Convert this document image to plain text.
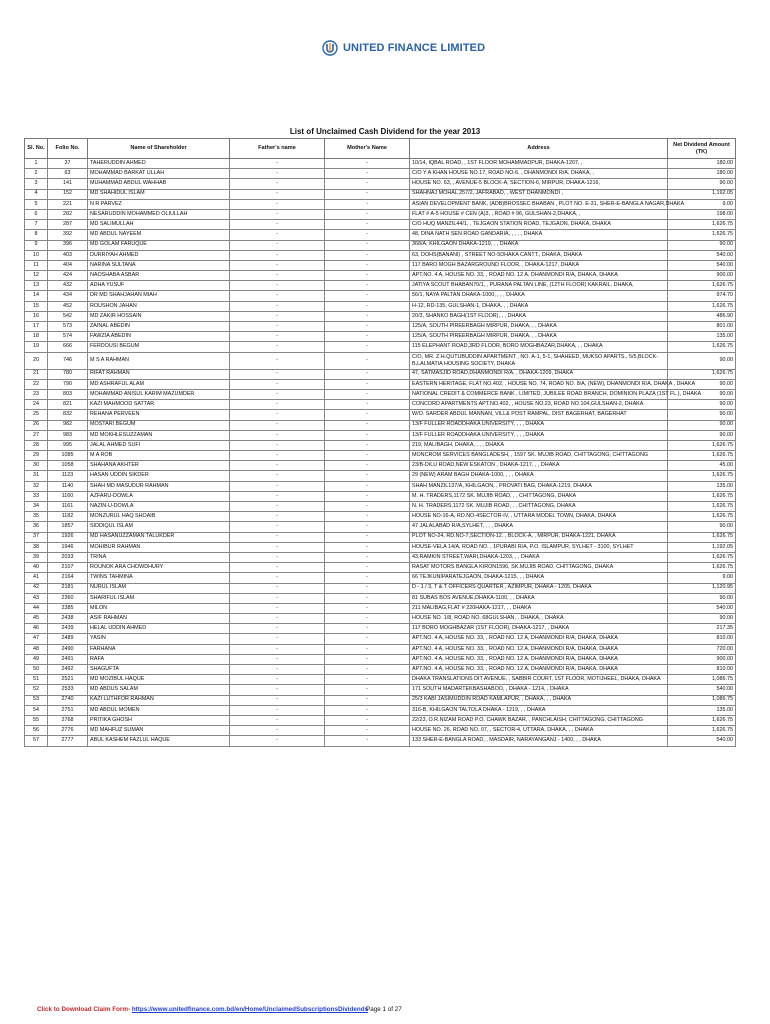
UNITED FINANCE LIMITED
List of Unclaimed Cash Dividend for the year 2013
Sl. No.	Folio No.	Name of Shareholder	Father's name	Mother's Name	Address	Net Dividend Amount (TK)
1	37	TAHERUDDIN AHMED	-	-	10/14, IQBAL ROAD, , 1ST FLOOR MOHAMMADPUR, DHAKA-1207, ,	180.00
2	63	MOHAMMAD BARKAT ULLAH	-	-	C/O Y A KHAN HOUSE NO.17, ROAD NO-6, , DHANMONDI R/A, DHAKA, ,	180.00
3	141	MUHAMMAD ABDUL WAHHAB	-	-	HOUSE NO. 63, , AVENUE-5 BLOCK-A, SECTION-6, MIRPUR, DHAKA-1216,	90.00
4	152	MD SHAHIDUL ISLAM	-	-	SHAHNAJ MOHAL 257/2, JAFRABAD, , WEST DHANMONDI ,	1,192.05
5	221	N R PARVEZ	-	-	ASIAN DEVELOPMENT BANK, (ADB)BROSSEC BHABAN , PLOT NO. E-31, SHER-E-BANGLA NAGAR,DHAKA	9.00
6	282	NESARUDDIN MOHAMMED OLIULLAH	-	-	FLAT # A-5 HOUSE # CEN (A)3, , ROAD # 96, GULSHAN-2,DHAKA, ,	198.00
7	287	MD SALIMULLAH	-	-	C/O HUQ MANZIL44/1, , TEJGAON STATION ROAD, TEJGAON, DHAKA, DHAKA	1,626.75
8	392	MD ABDUL NAYEEM	-	-	48, DINA NATH SEN ROAD GANDARIA, , , , , DHAKA	1,626.75
9	396	MD GOLAM FARUQUE	-	-	368/A, KHILGAON DHAKA-1219, , , DHAKA	90.00
10	403	DURRIYAH AHMED	-	-	63, DOHS(BANANI) , STREET NO-5DHAKA CANTT., DHAKA, DHAKA	540.00
11	404	NARINA SULTANA	-	-	117 BARO MOGH BAZARGROUND FLOOR, , DHAKA-1217, DHAKA	540.00
12	424	NAOSHABA ASBAR	-	-	APT.NO. 4 A, HOUSE NO. 33, , ROAD NO. 12 A, DHANMONDI R/A, DHAKA, DHAKA	900.00
13	432	ADHA YUSUF	-	-	JATIYA SCOUT BHABAN70/1, , PURANA PALTAN LINE, (12TH FLOOR) KAKRAIL, DHAKA,	1,626.75
14	434	DR MD SHAHJAHAN MIAH	-	-	56/1, NAYA PALTAN DHAKA-1000, , , , DHAKA	974.70
15	452	ROUSHON JAHAN	-	-	H-12, RD-135, GULSHAN-1, DHAKA, , , DHAKA	1,626.75
16	542	MD ZAKIR HOSSAIN	-	-	20/3, SHANKO BAGH(1ST FLOOR), , , DHAKA	486.90
17	573	ZAINAL ABEDIN	-	-	125/A, SOUTH PIREERBAGH MIRPUR, DHAKA, , , DHAKA	801.00
18	574	FAWZIA ABEDIN	-	-	125/A, SOUTH PIREERBAGH MIRPUR, DHAKA, , , DHAKA	135.00
19	666	FERDOUSI BEGUM	-	-	115 ELEPHANT ROAD,3RD FLOOR, BORO MOGHBAZAR,DHAKA, , , DHAKA	1,626.75
20	746	M S A RAHMAN	-	-	C/O, MR. Z.H.QUTUBUDDIN APARTMENT , NO. A-1, 5-1, SHAHEED, MUKSO APARTS., 5/5,BLOCK-B,LALMATIA HOUSING SOCIETY, DHAKA	90.00
21	780	RIFAT RAHMAN	-	-	47, SATMASJID ROAD,DHANMONDI R/A, , DHAKA-1209, DHAKA	1,626.75
22	790	MD ASHRAFUL ALAM	-	-	EASTERN HERITAGE, FLAT NO.402, , HOUSE NO. 74, ROAD NO. 8/A, (NEW), DHANMONDI R/A, DHAKA , DHAKA	90.00
23	803	MOHAMMAD ANISUL KARIM MAZUMDER	-	-	NATIONAL CREDIT & COMMERCE BANK , LIMITED, JUBILEE ROAD BRANCH, DOMINION PLAZA (1ST FL.), DHAKA	90.00
24	821	KAZI MAHMOOD SATTAR	-	-	CONCORD APARTMENTS APT.NO.402, , HOUSE NO.23, ROAD NO.104,GULSHAN-2, DHAKA	90.00
25	832	REHANA PERVEEN	-	-	W/O. SARDER ABDUL MANNAN, VILL& POST RAMPAL, DIST BAGERHAT, BAGERHAT	90.00
26	982	MOSTARI BEGUM	-	-	13/F FULLER ROADDHAKA UNIVERSITY, , , , DHAKA	90.00
27	983	MD MOKHLESUZZAMAN	-	-	13/F FULLER ROADDHAKA UNIVERSITY, , , , DHAKA	90.00
28	995	JALAL AHMED SUFI	-	-	219, MALIBAGH, DHAKA, , , , DHAKA	1,626.75
29	1085	M A ROB	-	-	MONCROM SERVICES BANGLADESH, , 1597 SK. MUJIB ROAD, CHITTAGONG, CHITTAGONG	1,626.75
30	1058	SHAHANA AKHTER	-	-	23/B-DILU ROAD,NEW ESKATON , DHAKA-1217, , , DHAKA	45.00
31	1123	HASAN UDDIN SIKDER	-	-	29 (NEW) ARAM BAGH DHAKA-1000, , , , DHAKA	1,626.75
32	1140	SHAH MD MASUDUR RAHMAN	-	-	SHAH MANZIL137/A, KHILGAON, , PROVATI BAG, DHAKA-1219, DHAKA	135.00
33	1160	AZFARU-DOWLA	-	-	M. H. TRADERS,1172 SK. MUJIB ROAD, , , CHITTAGONG, DHAKA	1,626.75
34	1161	NAZIN-U-DOWLA	-	-	N. H. TRADERS,1172 SK. MUJIB ROAD, , , CHITTAGONG, DHAKA	1,626.75
35	1182	MONZURUL HAQ SHOAIB	-	-	HOUSE NO-16-A, RD.NO-4SECTOR-IV, , UTTARA MODEL TOWN, DHAKA, DHAKA	1,626.75
36	1857	SIDDIQUL ISLAM	-	-	47 JALALABAD R/A,SYLHET, , , , DHAKA	90.00
37	1926	MD HASANUZZAMAN TALUKDER	-	-	PLOT NO-24, RD.NO-7,SECTION-12, , BLOCK-A, , MIRPUR, DHAKA-1221, DHAKA	1,626.75
38	1946	MOHIBUR RAHMAN	-	-	HOUSE-VELA 14/A, ROAD NO. , 1PURABI R/A, P.O. ISLAMPUR, SYLHET - 3100, SYLHET	1,192.05
39	2033	TRINA	-	-	43,RAMKIN STREET,WARI,DHAKA-1203, , , DHAKA	1,626.75
40	2107	ROUNOK ARA CHOWDHURY	-	-	RASAT MOTORS BANGLA KIRON1596, SK.MUJIB ROAD, CHITTAGONG, DHAKA	1,626.75
41	2164	TWINS TAHMINA	-	-	66 TEJKUNIPARATEJGAON, DHAKA-1215, , , DHAKA	9.00
42	2181	NURUL ISLAM	-	-	D - 1 / 3, T & T OFFICERS QUARTER , AZIMPUR, DHAKA - 1205, DHAKA	1,120.95
43	2360	SHARIFUL ISLAM	-	-	81 SUBAS BOS AVENUE,DHAKA-1100, , , DHAKA	90.00
44	2385	MILON	-	-	211 MALIBAG,FLAT # 220HAKA-1217, , , DHAKA	540.00
45	2438	ASIF RAHMAN	-	-	HOUSE NO. 1/8, ROAD NO. 68GULSHAN, , DHAKA, , DHAKA	90.00
46	2439	HELAL UDDIN AHMED	-	-	117 BORO MOGHBAZAR (1ST FLOOR), DHAKA-1217, , DHAKA	217.35
47	2489	YASIN	-	-	APT.NO. 4 A, HOUSE NO. 33, , ROAD NO. 12 A, DHANMONDI R/A, DHAKA, DHAKA	810.00
48	2490	FARHANA	-	-	APT.NO. 4 A, HOUSE NO. 33, , ROAD NO. 12 A, DHANMONDI R/A, DHAKA, DHAKA	720.00
49	2491	RAFA	-	-	APT.NO. 4 A, HOUSE NO. 33, , ROAD NO. 12 A, DHANMONDI R/A, DHAKA, DHAKA	900.00
50	2492	SHAGUFTA	-	-	APT.NO. 4 A, HOUSE NO. 33, , ROAD NO. 12 A, DHANMONDI R/A, DHAKA, DHAKA	810.00
51	2521	MD MOZIBUL HAQUE	-	-	DHAKA TRANSLATIONS DIT AVENUE, , SABBIR COURT, 1ST FLOOR, MOTIJHEEL, DHAKA, DHAKA	1,086.75
52	2533	MD ABDUS SALAM	-	-	171 SOUTH MADARTEKBASHABOO, , DHAKA - 1214, , DHAKA	540.00
53	2740	KAZI LUTHFOR RAHMAN	-	-	25/3 KABI JASIMUDDIN ROAD KAMLAPUR, , DHAKA, , , DHAKA	1,086.75
54	2751	MD ABDUL MOMEN	-	-	316-B, KHILGAON TALTOLA DHAKA - 1219, , , DHAKA	135.00
55	2768	PRITIKA GHOSH	-	-	22/23, O.R.NIZAM ROAD P.O. CHAWK BAZAR, , PANCHLAISH, CHITTAGONG, CHITTAGONG	1,626.75
56	2776	MD MAHFUZ SUMAN	-	-	HOUSE NO. 26, ROAD NO. 07, , SECTOR-4, UTTARA, DHAKA, , , DHAKA	1,626.75
57	2777	ABUL KASHEM FAZLUL HAQUE	-	-	133 SHER-E-BANGLA ROAD, , MASDAIR, NARAYANGANJ - 1400, , , DHAKA	540.00
Click to Download Claim Form- https://www.unitedfinance.com.bd/en/Home/UnclaimedSubscriptionsDividends
Page 1 of 27
